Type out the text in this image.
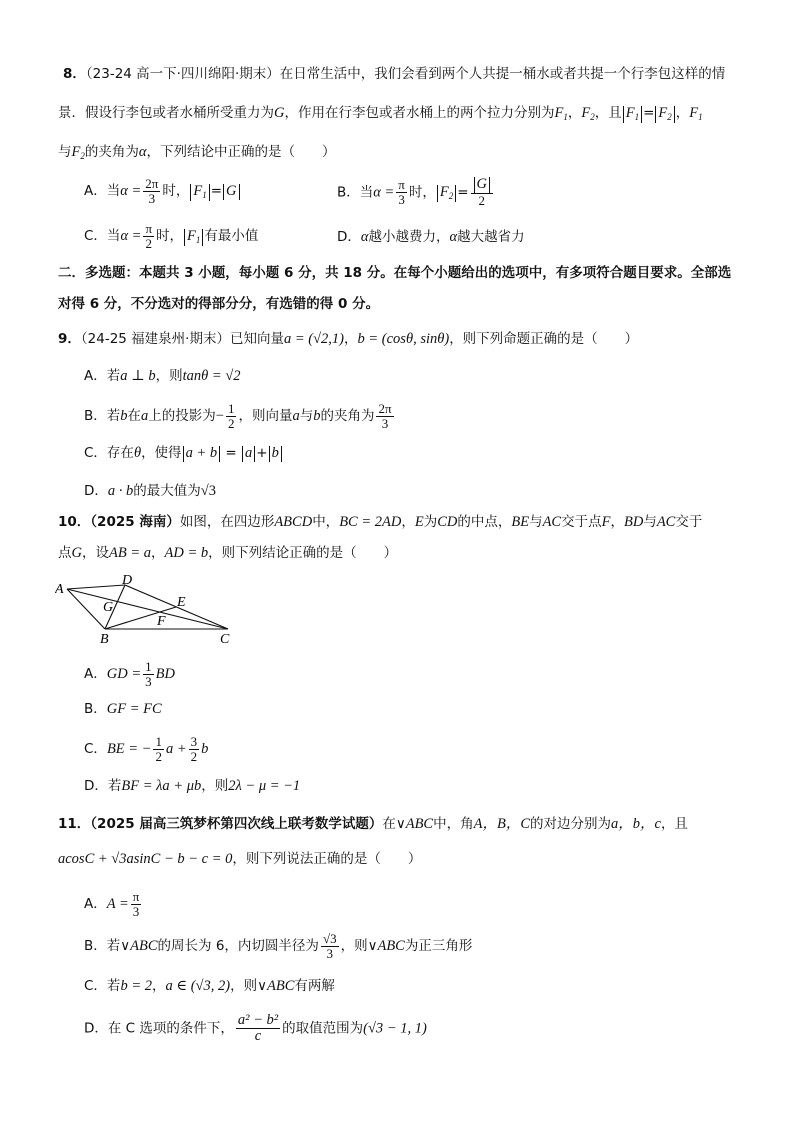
8．（23-24 高一下·四川绵阳·期末）在日常生活中，我们会看到两个人共提一桶水或者共提一个行李包这样的情
景．假设行李包或者水桶所受重力为G，作用在行李包或者水桶上的两个拉力分别为$F_1$，$F_2$，且 $F_1 = F_2$ ，$F_1$
与$F_2$的夹角为α，下列结论中正确的是（　　）
A．当$\alpha = \frac{2\pi}{3}$ 时， $F_1 = G$	B．当$\alpha = \frac{\pi}{3}$ 时， $F_2 = \frac{G}{2}$
C．当$\alpha = \frac{\pi}{2}$ 时， $F_1$ 有最小值	D．α越小越费力，α越大越省力
二．多选题：本题共 3 小题，每小题 6 分，共 18 分。在每个小题给出的选项中，有多项符合题目要求。全部选
对得 6 分，不分选对的得部分分，有选错的得 0 分。
9．（24-25 福建泉州·期末）已知向量a = (√2,1)，b = (cosθ, sinθ)，则下列命题正确的是（　　）
A．若a ⊥ b，则tanθ = √2
B．若b在a上的投影为− $\frac{1}{2}$ ，则向量a与b的夹角为 $\frac{2\pi}{3}$
C．存在θ，使得 a + b = a + b
D．a · b的最大值为√3
10．（2025 海南）如图，在四边形ABCD中，BC = 2AD，E为CD的中点，BE与AC交于点F，BD与AC交于
点G，设AB = a，AD = b，则下列结论正确的是（　　）
A
D
G	E
F
B	C
A．GD = $\frac{1}{3}$ BD
B．GF = FC
C．BE = − $\frac{1}{2}$ $a + \frac{3}{2}$ b
D．若BF = λa + μb，则2λ − μ = −1
11．（2025 届高三筑梦杯第四次线上联考数学试题）在∨ABC中，角A，B，C的对边分别为a，b，c，且
acosC + √3asinC − b − c = 0，则下列说法正确的是（　　）
A．$A = \frac{\pi}{3}$
B．若∨ABC的周长为 6，内切圆半径为 $\frac{√3}{3}$ ，则∨ABC为正三角形
C．若b = 2，a ∈ (√3, 2)，则∨ABC有两解
D．在 C 选项的条件下， $\frac{\text{a² − b²}}{c}$ 的取值范围为(√3 − 1, 1)
